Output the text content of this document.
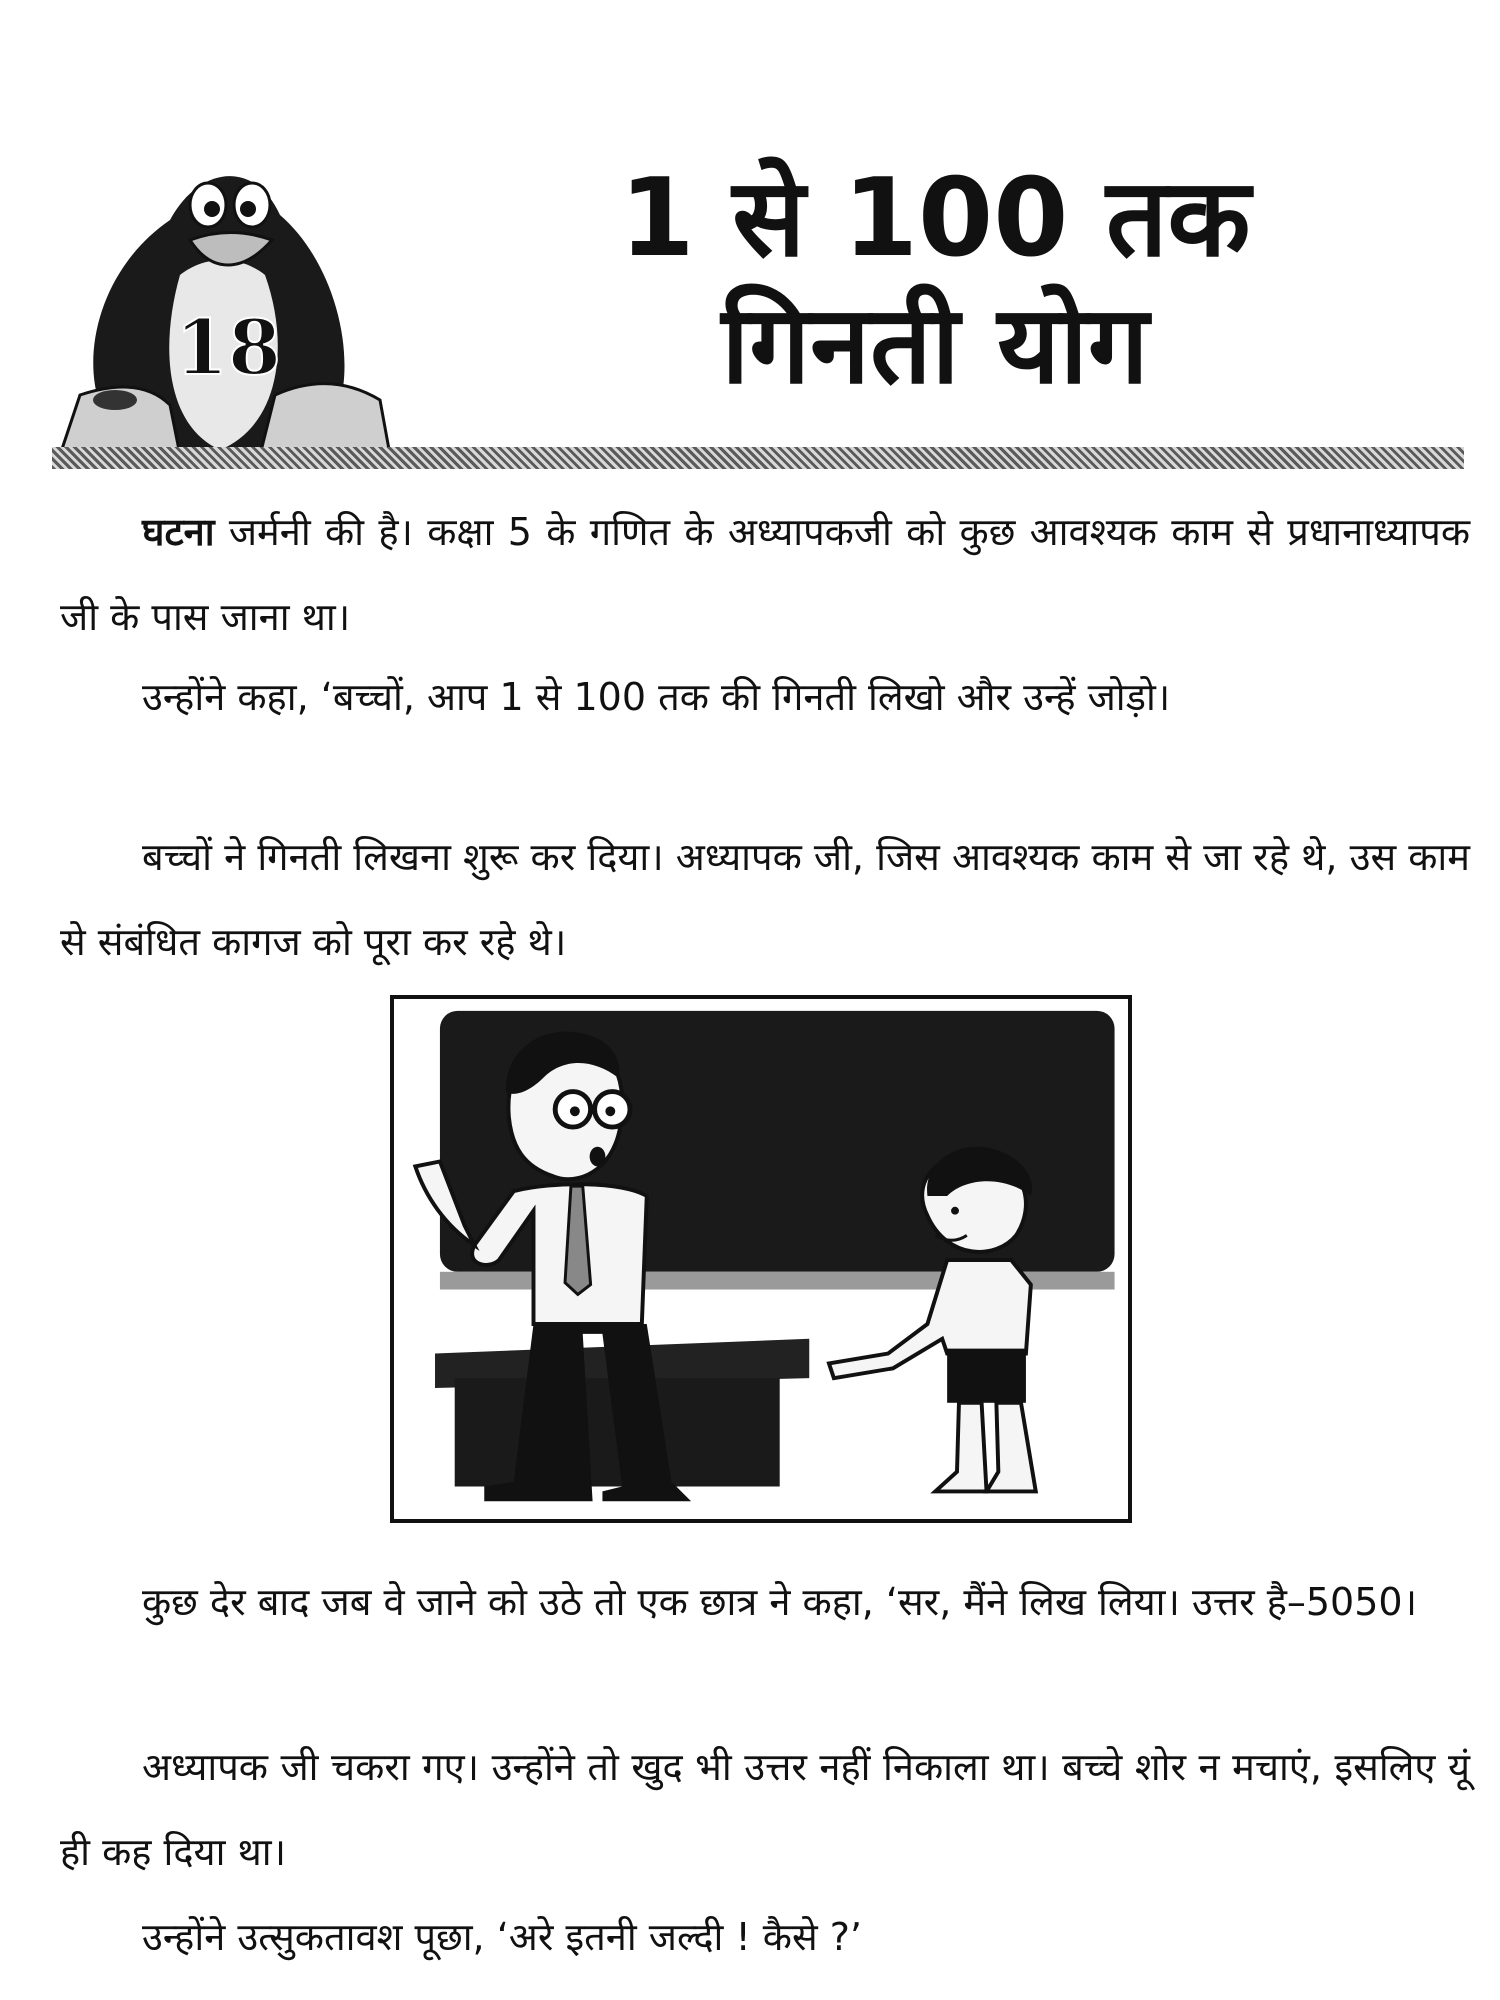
18
1 से 100 तक
गिनती योग

घटना जर्मनी की है। कक्षा 5 के गणित के अध्यापकजी को कुछ आवश्यक काम से प्रधानाध्यापक जी के पास जाना था।

उन्होंने कहा, ‘बच्चों, आप 1 से 100 तक की गिनती लिखो और उन्हें जोड़ो।

बच्चों ने गिनती लिखना शुरू कर दिया। अध्यापक जी, जिस आवश्यक काम से जा रहे थे, उस काम से संबंधित कागज को पूरा कर रहे थे।

कुछ देर बाद जब वे जाने को उठे तो एक छात्र ने कहा, ‘सर, मैंने लिख लिया। उत्तर है–5050।

अध्यापक जी चकरा गए। उन्होंने तो खुद भी उत्तर नहीं निकाला था। बच्चे शोर न मचाएं, इसलिए यूं ही कह दिया था।

उन्होंने उत्सुकतावश पूछा, ‘अरे इतनी जल्दी ! कैसे ?’
